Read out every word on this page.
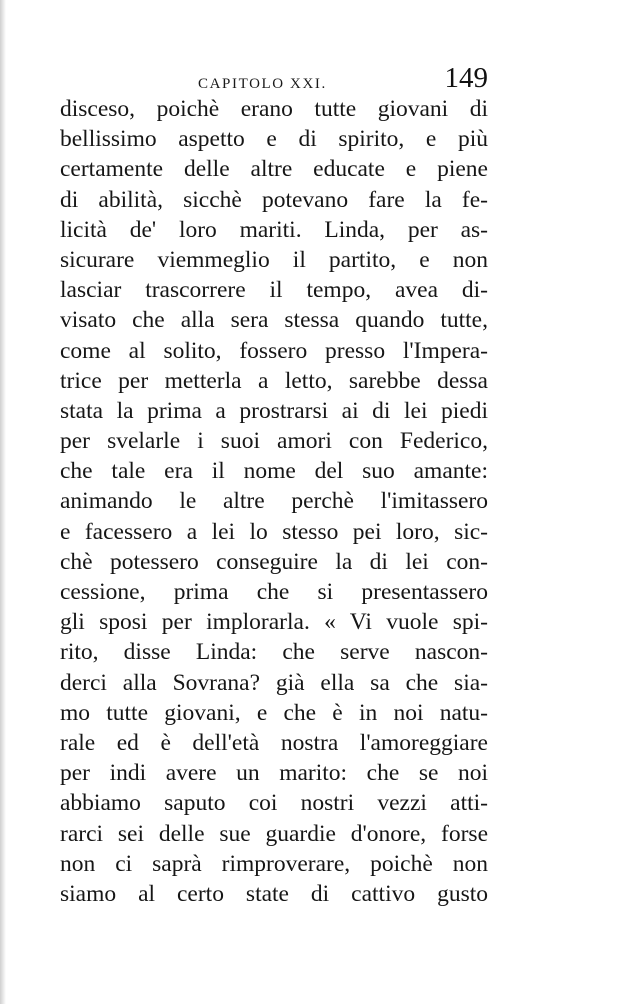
CAPITOLO XXI.	149
disceso, poichè erano tutte giovani di
bellissimo aspetto e di spirito, e più
certamente delle altre educate e piene
di abilità, sicchè potevano fare la fe-
licità de' loro mariti. Linda, per as-
sicurare viemmeglio il partito, e non
lasciar trascorrere il tempo, avea di-
visato che alla sera stessa quando tutte,
come al solito, fossero presso l'Impera-
trice per metterla a letto, sarebbe dessa
stata la prima a prostrarsi ai di lei piedi
per svelarle i suoi amori con Federico,
che tale era il nome del suo amante:
animando le altre perchè l'imitassero
e facessero a lei lo stesso pei loro, sic-
chè potessero conseguire la di lei con-
cessione, prima che si presentassero
gli sposi per implorarla. « Vi vuole spi-
rito, disse Linda: che serve nascon-
derci alla Sovrana? già ella sa che sia-
mo tutte giovani, e che è in noi natu-
rale ed è dell'età nostra l'amoreggiare
per indi avere un marito: che se noi
abbiamo saputo coi nostri vezzi atti-
rarci sei delle sue guardie d'onore, forse
non ci saprà rimproverare, poichè non
siamo al certo state di cattivo gusto
